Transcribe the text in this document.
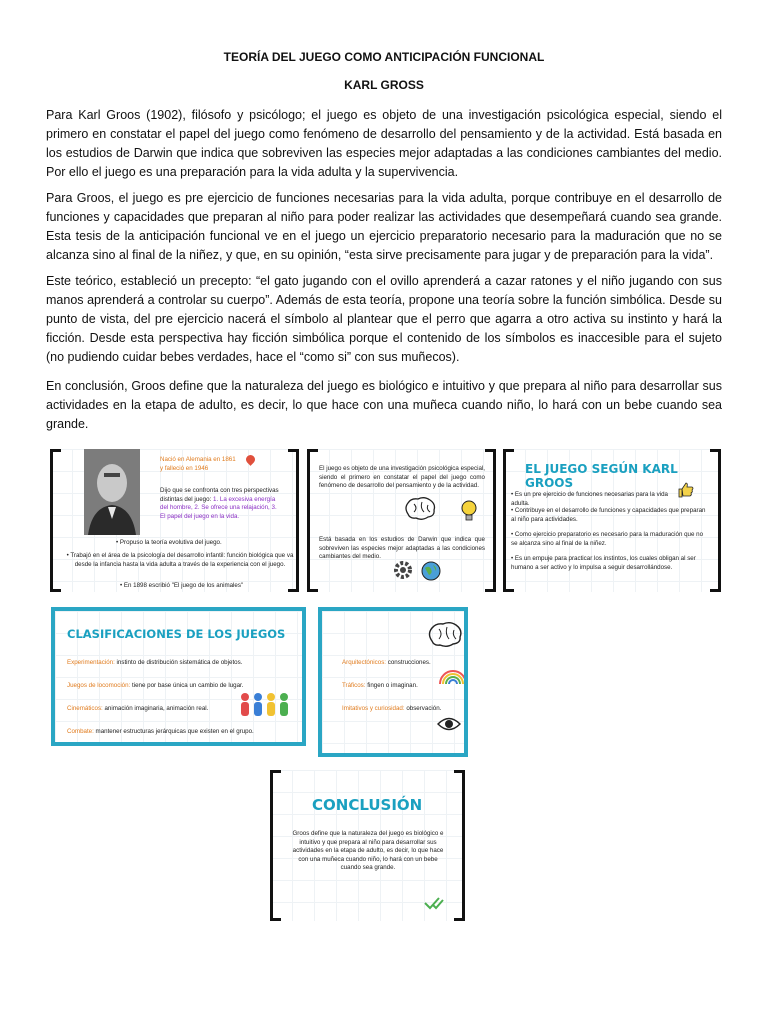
TEORÍA DEL JUEGO COMO ANTICIPACIÓN FUNCIONAL
KARL GROSS

Para Karl Groos (1902), filósofo y psicólogo; el juego es objeto de una investigación psicológica especial, siendo el primero en constatar el papel del juego como fenómeno de desarrollo del pensamiento y de la actividad. Está basada en los estudios de Darwin que indica que sobreviven las especies mejor adaptadas a las condiciones cambiantes del medio. Por ello el juego es una preparación para la vida adulta y la supervivencia.

Para Groos, el juego es pre ejercicio de funciones necesarias para la vida adulta, porque contribuye en el desarrollo de funciones y capacidades que preparan al niño para poder realizar las actividades que desempeñará cuando sea grande. Esta tesis de la anticipación funcional ve en el juego un ejercicio preparatorio necesario para la maduración que no se alcanza sino al final de la niñez, y que, en su opinión, “esta sirve precisamente para jugar y de preparación para la vida”.

Este teórico, estableció un precepto: “el gato jugando con el ovillo aprenderá a cazar ratones y el niño jugando con sus manos aprenderá a controlar su cuerpo”. Además de esta teoría, propone una teoría sobre la función simbólica. Desde su punto de vista, del pre ejercicio nacerá el símbolo al plantear que el perro que agarra a otro activa su instinto y hará la ficción. Desde esta perspectiva hay ficción simbólica porque el contenido de los símbolos es inaccesible para el sujeto (no pudiendo cuidar bebes verdades, hace el “como si” con sus muñecos).

En conclusión, Groos define que la naturaleza del juego es biológico e intuitivo y que prepara al niño para desarrollar sus actividades en la etapa de adulto, es decir, lo que hace con una muñeca cuando niño, lo hará con un bebe cuando sea grande.

Nació en Alemania en 1861
y falleció en 1946
Dijo que se confronta con tres perspectivas distintas del juego: 1. La excesiva energía del hombre, 2. Se ofrece una relajación, 3. El papel del juego en la vida.
• Propuso la teoría evolutiva del juego.
• Trabajó en el área de la psicología del desarrollo infantil: función biológica que va desde la infancia hasta la vida adulta a través de la experiencia con el juego.
• En 1898 escribió "El juego de los animales"
El juego es objeto de una investigación psicológica especial, siendo el primero en constatar el papel del juego como fenómeno de desarrollo del pensamiento y de la actividad.
Está basada en los estudios de Darwin que indica que sobreviven las especies mejor adaptadas a las condiciones cambiantes del medio.
EL JUEGO SEGÚN KARL GROOS
• Es un pre ejercicio de funciones necesarias para la vida adulta.
• Contribuye en el desarrollo de funciones y capacidades que preparan al niño para actividades.
• Como ejercicio preparatorio es necesario para la maduración que no se alcanza sino al final de la niñez.
• Es un empuje para practicar los instintos, los cuales obligan al ser humano a ser activo y lo impulsa a seguir desarrollándose.
CLASIFICACIONES DE LOS JUEGOS
Experimentación: instinto de distribución sistemática de objetos.
Juegos de locomoción: tiene por base única un cambio de lugar.
Cinemáticos: animación imaginaria, animación real.
Combate: mantener estructuras jerárquicas que existen en el grupo.
Arquitectónicos: construcciones.
Tráficos: fingen o imaginan.
Imitativos y curiosidad: observación.
CONCLUSIÓN
Groos define que la naturaleza del juego es biológico e intuitivo y que prepara al niño para desarrollar sus actividades en la etapa de adulto, es decir, lo que hace con una muñeca cuando niño, lo hará con un bebe cuando sea grande.
